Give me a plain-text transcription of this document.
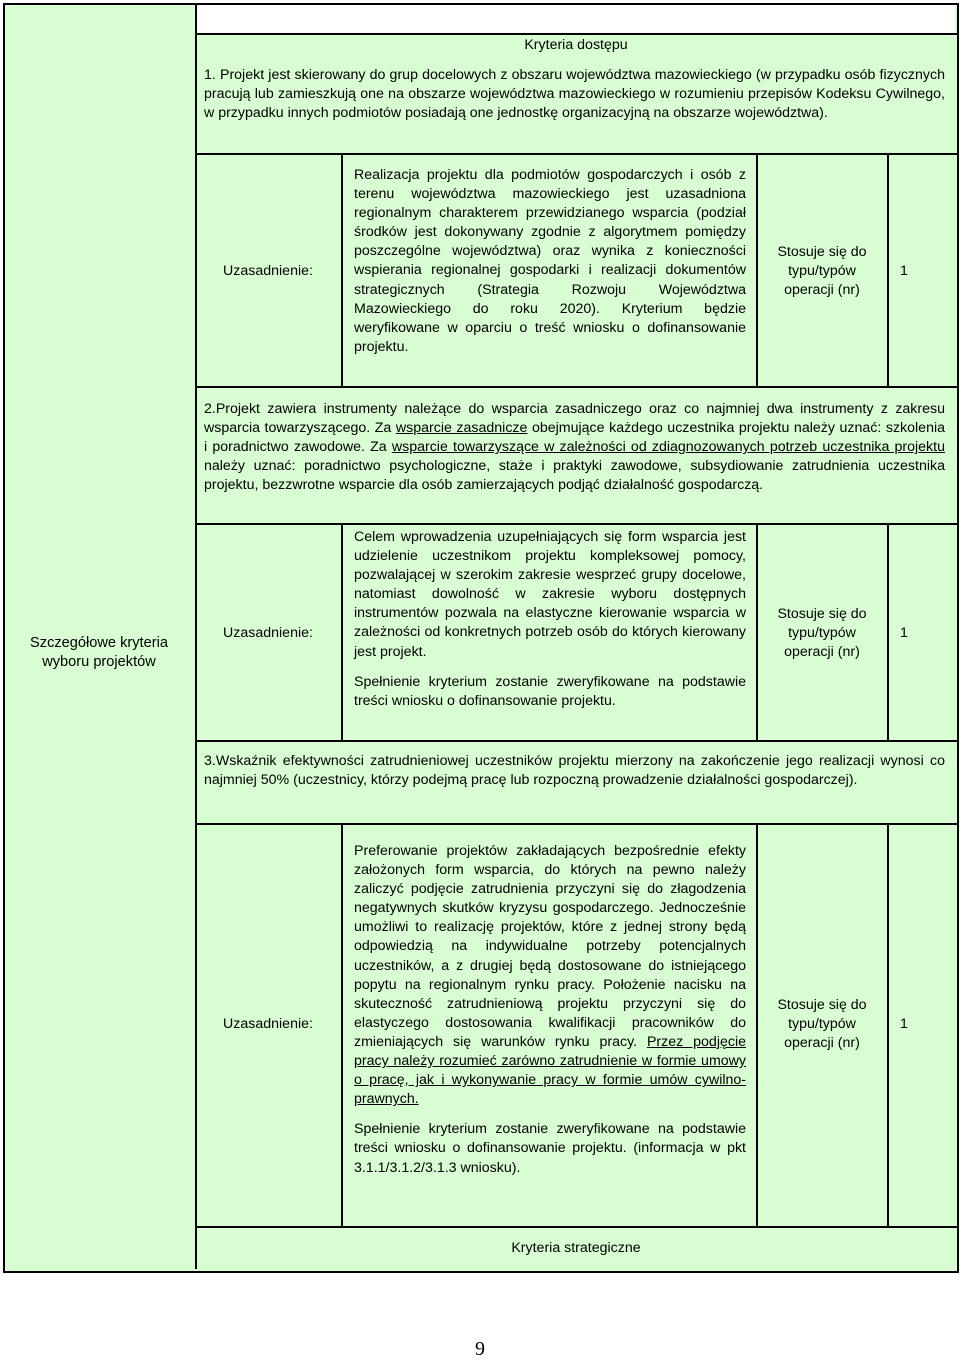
Kryteria dostępu
Szczegółowe kryteria wyboru projektów
1. Projekt jest skierowany do grup docelowych z obszaru województwa mazowieckiego (w przypadku osób fizycznych pracują lub zamieszkują one na obszarze województwa mazowieckiego w rozumieniu przepisów Kodeksu Cywilnego, w przypadku innych podmiotów posiadają one jednostkę organizacyjną na obszarze województwa).
Uzasadnienie:
Realizacja projektu dla podmiotów gospodarczych i osób z terenu województwa mazowieckiego jest uzasadniona regionalnym charakterem przewidzianego wsparcia (podział środków jest dokonywany zgodnie z algorytmem pomiędzy poszczególne województwa) oraz wynika z konieczności wspierania regionalnej gospodarki i realizacji dokumentów strategicznych (Strategia Rozwoju Województwa Mazowieckiego do roku 2020). Kryterium będzie weryfikowane w oparciu o treść wniosku o dofinansowanie projektu.
Stosuje się do typu/typów operacji (nr)
1
2.Projekt zawiera instrumenty należące do wsparcia zasadniczego oraz co najmniej dwa instrumenty z zakresu wsparcia towarzyszącego. Za wsparcie zasadnicze obejmujące każdego uczestnika projektu należy uznać: szkolenia i poradnictwo zawodowe. Za wsparcie towarzyszące w zależności od zdiagnozowanych potrzeb uczestnika projektu należy uznać: poradnictwo psychologiczne, staże i praktyki zawodowe, subsydiowanie zatrudnienia uczestnika projektu, bezzwrotne wsparcie dla osób zamierzających podjąć działalność gospodarczą.
Uzasadnienie:

Celem wprowadzenia uzupełniających się form wsparcia jest udzielenie uczestnikom projektu kompleksowej pomocy, pozwalającej w szerokim zakresie wesprzeć grupy docelowe, natomiast dowolność w zakresie wyboru dostępnych instrumentów pozwala na elastyczne kierowanie wsparcia w zależności od konkretnych potrzeb osób do których kierowany jest projekt.

Spełnienie kryterium zostanie zweryfikowane na podstawie treści wniosku o dofinansowanie projektu.

Stosuje się do typu/typów operacji (nr)
1
3.Wskaźnik efektywności zatrudnieniowej uczestników projektu mierzony na zakończenie jego realizacji wynosi co najmniej 50% (uczestnicy, którzy podejmą pracę lub rozpoczną prowadzenie działalności gospodarczej).
Uzasadnienie:

Preferowanie projektów zakładających bezpośrednie efekty założonych form wsparcia, do których na pewno należy zaliczyć podjęcie zatrudnienia przyczyni się do złagodzenia negatywnych skutków kryzysu gospodarczego. Jednocześnie umożliwi to realizację projektów, które z jednej strony będą odpowiedzią na indywidualne potrzeby potencjalnych uczestników, a z drugiej będą dostosowane do istniejącego popytu na regionalnym rynku pracy. Położenie nacisku na skuteczność zatrudnieniową projektu przyczyni się do elastyczego dostosowania kwalifikacji pracowników do zmieniających się warunków rynku pracy. Przez podjęcie pracy należy rozumieć zarówno zatrudnienie w formie umowy o pracę, jak i wykonywanie pracy w formie umów cywilno-prawnych.

Spełnienie kryterium zostanie zweryfikowane na podstawie treści wniosku o dofinansowanie projektu. (informacja w pkt 3.1.1/3.1.2/3.1.3 wniosku).

Stosuje się do typu/typów operacji (nr)
1
Kryteria strategiczne
9
